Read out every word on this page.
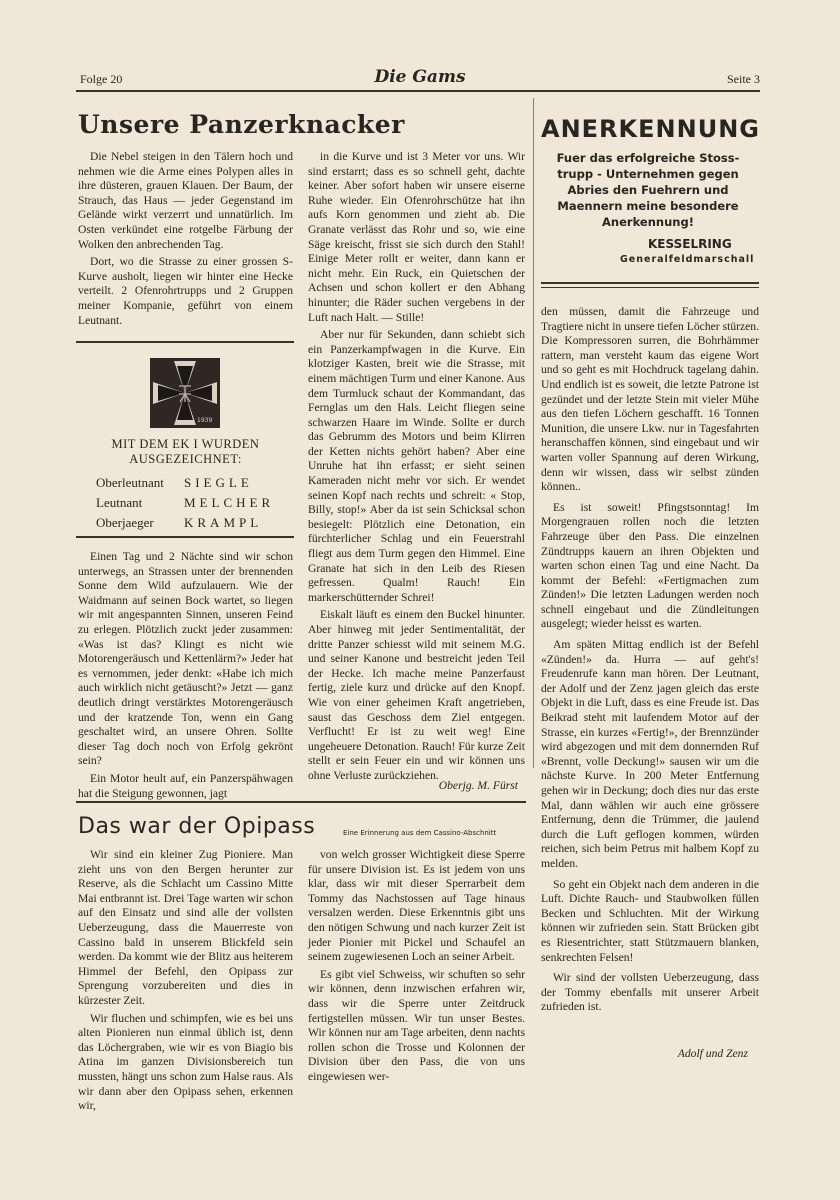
Folge 20	Die Gams	Seite 3
Unsere Panzerknacker

Die Nebel steigen in den Tälern hoch und nehmen wie die Arme eines Polypen alles in ihre düsteren, grauen Klauen. Der Baum, der Strauch, das Haus — jeder Gegenstand im Gelände wirkt verzerrt und unnatürlich. Im Osten verkündet eine rotgelbe Färbung der Wolken den anbrechenden Tag.

Dort, wo die Strasse zu einer grossen S-Kurve ausholt, liegen wir hinter eine Hecke verteilt. 2 Ofenrohrtrupps und 2 Gruppen meiner Kompanie, geführt von einem Leutnant.

1939
MIT DEM EK I WURDEN
AUSGEZEICHNET:
Oberleutnant	SIEGLE
Leutnant	MELCHER
Oberjaeger	KRAMPL

Einen Tag und 2 Nächte sind wir schon unterwegs, an Strassen unter der brennenden Sonne dem Wild aufzulauern. Wie der Waidmann auf seinen Bock wartet, so liegen wir mit angespannten Sinnen, unseren Feind zu erlegen. Plötzlich zuckt jeder zusammen: «Was ist das? Klingt es nicht wie Motorengeräusch und Kettenlärm?» Jeder hat es vernommen, jeder denkt: «Habe ich mich auch wirklich nicht getäuscht?» Jetzt — ganz deutlich dringt verstärktes Motorengeräusch und der kratzende Ton, wenn ein Gang geschaltet wird, an unsere Ohren. Sollte dieser Tag doch noch von Erfolg gekrönt sein?

Ein Motor heult auf, ein Panzerspähwagen hat die Steigung gewonnen, jagt

in die Kurve und ist 3 Meter vor uns. Wir sind erstarrt; dass es so schnell geht, dachte keiner. Aber sofort haben wir unsere eiserne Ruhe wieder. Ein Ofenrohrschütze hat ihn aufs Korn genommen und zieht ab. Die Granate verlässt das Rohr und so, wie eine Säge kreischt, frisst sie sich durch den Stahl! Einige Meter rollt er weiter, dann kann er nicht mehr. Ein Ruck, ein Quietschen der Achsen und schon kollert er den Abhang hinunter; die Räder suchen vergebens in der Luft nach Halt. — Stille!

Aber nur für Sekunden, dann schiebt sich ein Panzerkampfwagen in die Kurve. Ein klotziger Kasten, breit wie die Strasse, mit einem mächtigen Turm und einer Kanone. Aus dem Turmluck schaut der Kommandant, das Fernglas um den Hals. Leicht fliegen seine schwarzen Haare im Winde. Sollte er durch das Gebrumm des Motors und beim Klirren der Ketten nichts gehört haben? Aber eine Unruhe hat ihn erfasst; er sieht seinen Kameraden nicht mehr vor sich. Er wendet seinen Kopf nach rechts und schreit: « Stop, Billy, stop!» Aber da ist sein Schicksal schon besiegelt: Plötzlich eine Detonation, ein fürchterlicher Schlag und ein Feuerstrahl fliegt aus dem Turm gegen den Himmel. Eine Granate hat sich in den Leib des Riesen gefressen. Qualm! Rauch! Ein markerschütternder Schrei!

Eiskalt läuft es einem den Buckel hinunter. Aber hinweg mit jeder Sentimentalität, der dritte Panzer schiesst wild mit seinem M.G. und seiner Kanone und bestreicht jeden Teil der Hecke. Ich mache meine Panzerfaust fertig, ziele kurz und drücke auf den Knopf. Wie von einer geheimen Kraft angetrieben, saust das Geschoss dem Ziel entgegen. Verflucht! Er ist zu weit weg! Eine ungeheuere Detonation. Rauch! Für kurze Zeit stellt er sein Feuer ein und wir können uns ohne Verluste zurückziehen.

Oberjg. M. Fürst
Das war der Opipass	Eine Erinnerung aus dem Cassino-Abschnitt

Wir sind ein kleiner Zug Pioniere. Man zieht uns von den Bergen herunter zur Reserve, als die Schlacht um Cassino Mitte Mai entbrannt ist. Drei Tage warten wir schon auf den Einsatz und sind alle der vollsten Ueberzeugung, dass die Mauerreste von Cassino bald in unserem Blickfeld sein werden. Da kommt wie der Blitz aus heiterem Himmel der Befehl, den Opipass zur Sprengung vorzubereiten und dies in kürzester Zeit.

Wir fluchen und schimpfen, wie es bei uns alten Pionieren nun einmal üblich ist, denn das Löchergraben, wie wir es von Biagio bis Atina im ganzen Divisionsbereich tun mussten, hängt uns schon zum Halse raus. Als wir dann aber den Opipass sehen, erkennen wir,

von welch grosser Wichtigkeit diese Sperre für unsere Division ist. Es ist jedem von uns klar, dass wir mit dieser Sperrarbeit dem Tommy das Nachstossen auf Tage hinaus versalzen werden. Diese Erkenntnis gibt uns den nötigen Schwung und nach kurzer Zeit ist jeder Pionier mit Pickel und Schaufel an seinem zugewiesenen Loch an seiner Arbeit.

Es gibt viel Schweiss, wir schuften so sehr wir können, denn inzwischen erfahren wir, dass wir die Sperre unter Zeitdruck fertigstellen müssen. Wir tun unser Bestes. Wir können nur am Tage arbeiten, denn nachts rollen schon die Trosse und Kolonnen der Division über den Pass, die von uns eingewiesen wer-

ANERKENNUNG
Fuer das erfolgreiche Stoss-
trupp - Unternehmen gegen
Abries den Fuehrern und
Maennern meine besondere
Anerkennung!
KESSELRING
Generalfeldmarschall

den müssen, damit die Fahrzeuge und Tragtiere nicht in unsere tiefen Löcher stürzen. Die Kompressoren surren, die Bohrhämmer rattern, man versteht kaum das eigene Wort und so geht es mit Hochdruck tagelang dahin. Und endlich ist es soweit, die letzte Patrone ist gezündet und der letzte Stein mit vieler Mühe aus den tiefen Löchern geschafft. 16 Tonnen Munition, die unsere Lkw. nur in Tagesfahrten heranschaffen können, sind eingebaut und wir warten voller Spannung auf deren Wirkung, denn wir wissen, dass wir selbst zünden können..

Es ist soweit! Pfingstsonntag! Im Morgengrauen rollen noch die letzten Fahrzeuge über den Pass. Die einzelnen Zündtrupps kauern an ihren Objekten und warten schon einen Tag und eine Nacht. Da kommt der Befehl: «Fertigmachen zum Zünden!» Die letzten Ladungen werden noch schnell eingebaut und die Zündleitungen ausgelegt; wieder heisst es warten.

Am späten Mittag endlich ist der Befehl «Zünden!» da. Hurra — auf geht's! Freudenrufe kann man hören. Der Leutnant, der Adolf und der Zenz jagen gleich das erste Objekt in die Luft, dass es eine Freude ist. Das Beikrad steht mit laufendem Motor auf der Strasse, ein kurzes «Fertig!», der Brennzünder wird abgezogen und mit dem donnernden Ruf «Brennt, volle Deckung!» sausen wir um die nächste Kurve. In 200 Meter Entfernung gehen wir in Deckung; doch dies nur das erste Mal, dann wählen wir auch eine grössere Entfernung, denn die Trümmer, die jaulend durch die Luft geflogen kommen, würden reichen, sich beim Petrus mit halbem Kopf zu melden.

So geht ein Objekt nach dem anderen in die Luft. Dichte Rauch- und Staubwolken füllen Becken und Schluchten. Mit der Wirkung können wir zufrieden sein. Statt Brücken gibt es Riesentrichter, statt Stützmauern blanken, senkrechten Felsen!

Wir sind der vollsten Ueberzeugung, dass der Tommy ebenfalls mit unserer Arbeit zufrieden ist.

Adolf und Zenz
